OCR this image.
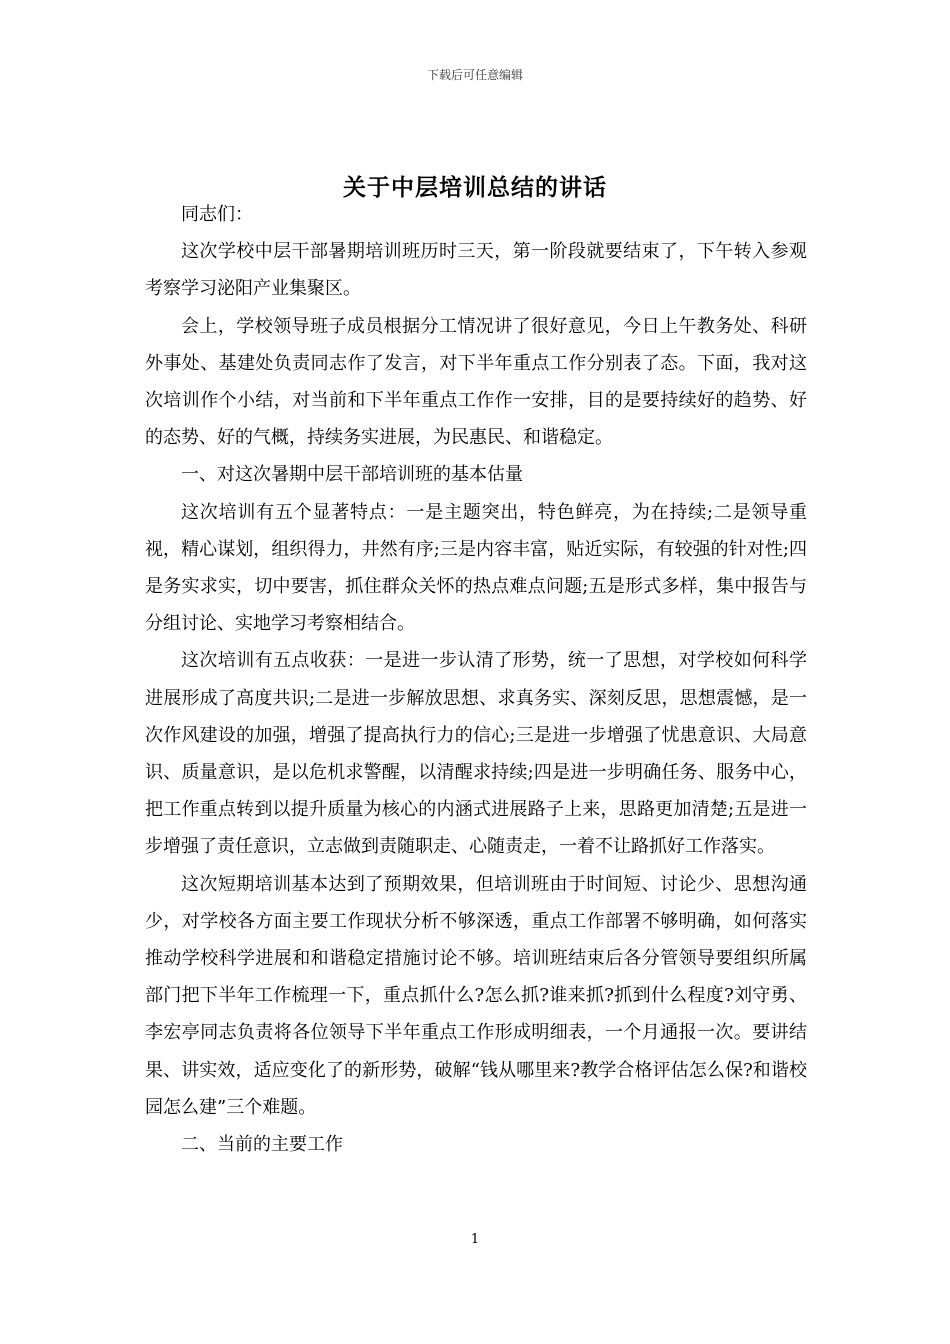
下载后可任意编辑
关于中层培训总结的讲话

同志们：

这次学校中层干部暑期培训班历时三天，第一阶段就要结束了，下午转入参观考察学习泌阳产业集聚区。

会上，学校领导班子成员根据分工情况讲了很好意见，今日上午教务处、科研外事处、基建处负责同志作了发言，对下半年重点工作分别表了态。下面，我对这次培训作个小结，对当前和下半年重点工作作一安排，目的是要持续好的趋势、好的态势、好的气概，持续务实进展，为民惠民、和谐稳定。

一、对这次暑期中层干部培训班的基本估量

这次培训有五个显著特点：一是主题突出，特色鲜亮，为在持续;二是领导重视，精心谋划，组织得力，井然有序;三是内容丰富，贴近实际，有较强的针对性;四是务实求实，切中要害，抓住群众关怀的热点难点问题;五是形式多样，集中报告与分组讨论、实地学习考察相结合。

这次培训有五点收获：一是进一步认清了形势，统一了思想，对学校如何科学进展形成了高度共识;二是进一步解放思想、求真务实、深刻反思，思想震憾，是一次作风建设的加强，增强了提高执行力的信心;三是进一步增强了忧患意识、大局意识、质量意识，是以危机求警醒，以清醒求持续;四是进一步明确任务、服务中心，把工作重点转到以提升质量为核心的内涵式进展路子上来，思路更加清楚;五是进一步增强了责任意识，立志做到责随职走、心随责走，一着不让路抓好工作落实。

这次短期培训基本达到了预期效果，但培训班由于时间短、讨论少、思想沟通少，对学校各方面主要工作现状分析不够深透，重点工作部署不够明确，如何落实推动学校科学进展和和谐稳定措施讨论不够。培训班结束后各分管领导要组织所属部门把下半年工作梳理一下，重点抓什么?怎么抓?谁来抓?抓到什么程度?刘守勇、李宏亭同志负责将各位领导下半年重点工作形成明细表，一个月通报一次。要讲结果、讲实效，适应变化了的新形势，破解“钱从哪里来?教学合格评估怎么保?和谐校园怎么建”三个难题。

二、当前的主要工作

1
